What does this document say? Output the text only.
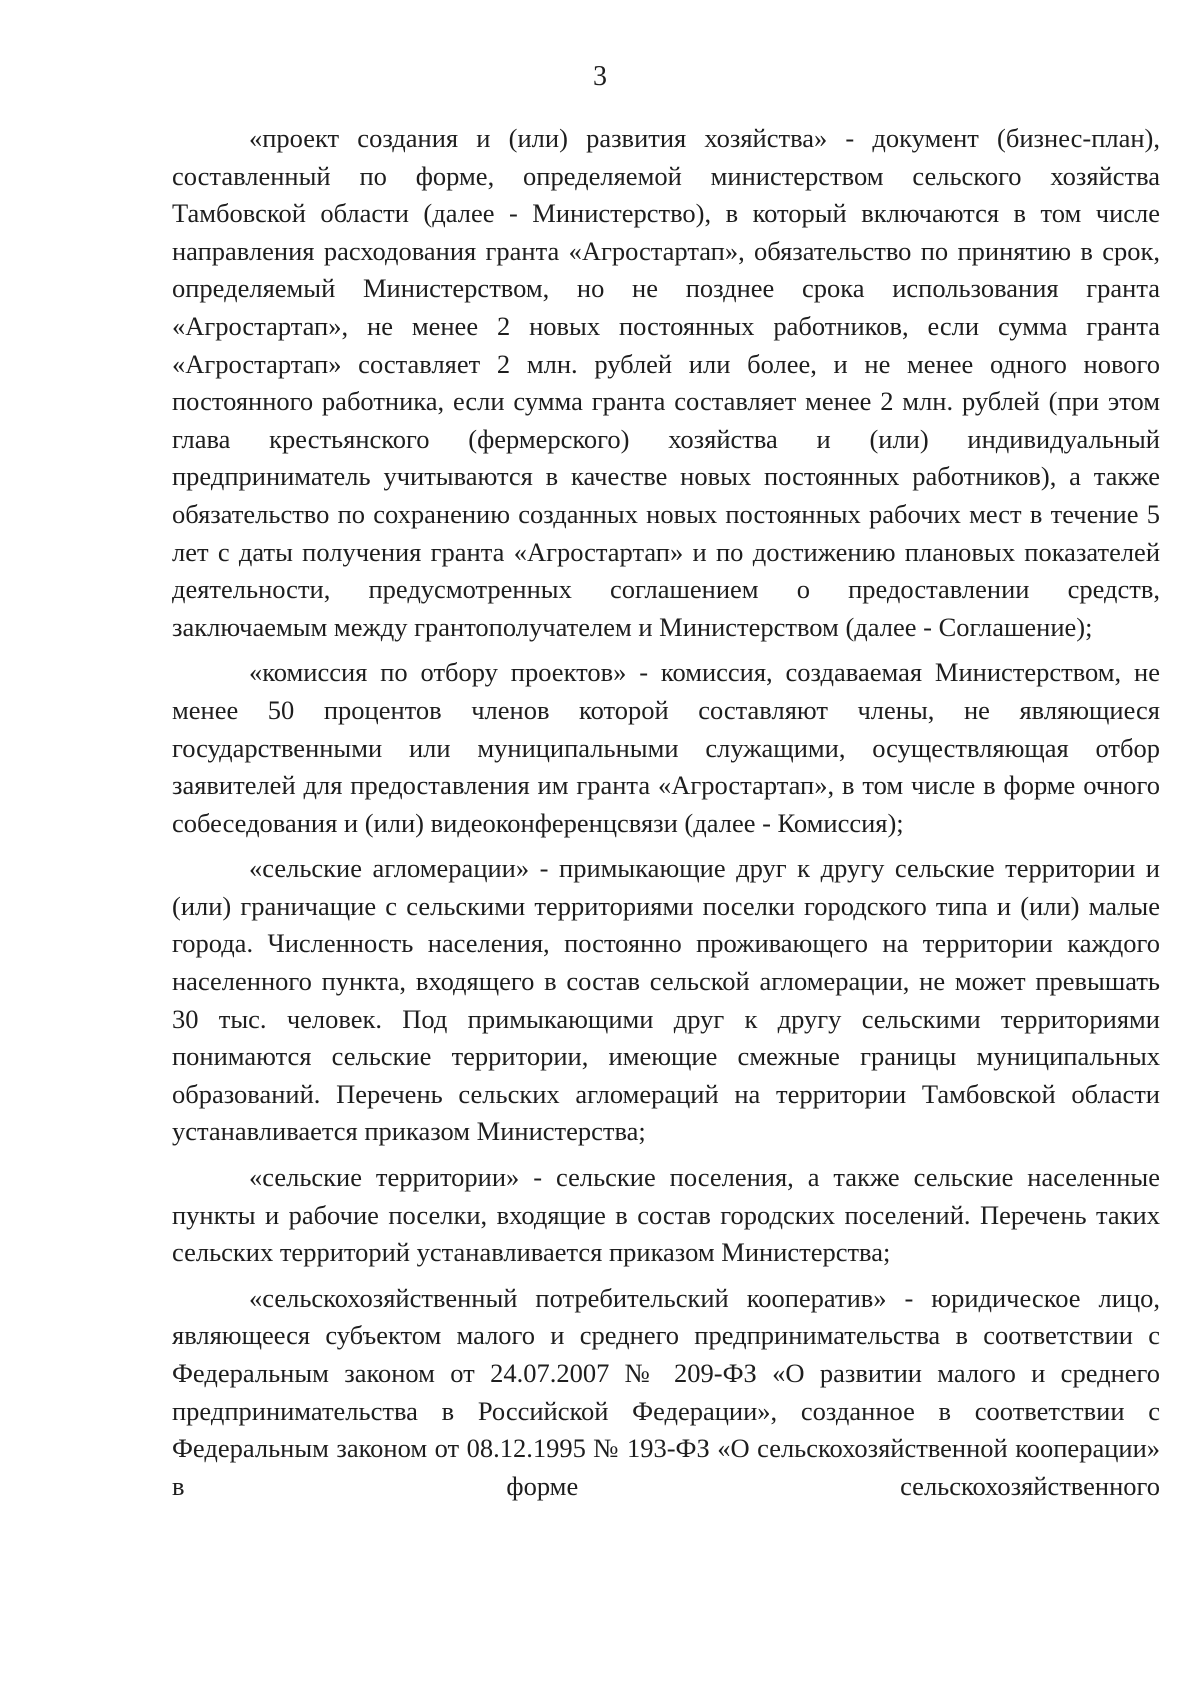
3

«проект создания и (или) развития хозяйства» - документ (бизнес-план), составленный по форме, определяемой министерством сельского хозяйства Тамбовской области (далее - Министерство), в который включаются в том числе направления расходования гранта «Агростартап», обязательство по принятию в срок, определяемый Министерством, но не позднее срока использования гранта «Агростартап», не менее 2 новых постоянных работников, если сумма гранта «Агростартап» составляет 2 млн. рублей или более, и не менее одного нового постоянного работника, если сумма гранта составляет менее 2 млн. рублей (при этом глава крестьянского (фермерского) хозяйства и (или) индивидуальный предприниматель учитываются в качестве новых постоянных работников), а также обязательство по сохранению созданных новых постоянных рабочих мест в течение 5 лет с даты получения гранта «Агростартап» и по достижению плановых показателей деятельности, предусмотренных соглашением о предоставлении средств, заключаемым между грантополучателем и Министерством (далее - Соглашение);

«комиссия по отбору проектов» - комиссия, создаваемая Министерством, не менее 50 процентов членов которой составляют члены, не являющиеся государственными или муниципальными служащими, осуществляющая отбор заявителей для предоставления им гранта «Агростартап», в том числе в форме очного собеседования и (или) видеоконференцсвязи (далее - Комиссия);

«сельские агломерации» - примыкающие друг к другу сельские территории и (или) граничащие с сельскими территориями поселки городского типа и (или) малые города. Численность населения, постоянно проживающего на территории каждого населенного пункта, входящего в состав сельской агломерации, не может превышать 30 тыс. человек. Под примыкающими друг к другу сельскими территориями понимаются сельские территории, имеющие смежные границы муниципальных образований. Перечень сельских агломераций на территории Тамбовской области устанавливается приказом Министерства;

«сельские территории» - сельские поселения, а также сельские населенные пункты и рабочие поселки, входящие в состав городских поселений. Перечень таких сельских территорий устанавливается приказом Министерства;

«сельскохозяйственный потребительский кооператив» - юридическое лицо, являющееся субъектом малого и среднего предпринимательства в соответствии с Федеральным законом от 24.07.2007 № 209-ФЗ «О развитии малого и среднего предпринимательства в Российской Федерации», созданное в соответствии с Федеральным законом от 08.12.1995 № 193-ФЗ «О сельскохозяйственной кооперации» в форме сельскохозяйственного
